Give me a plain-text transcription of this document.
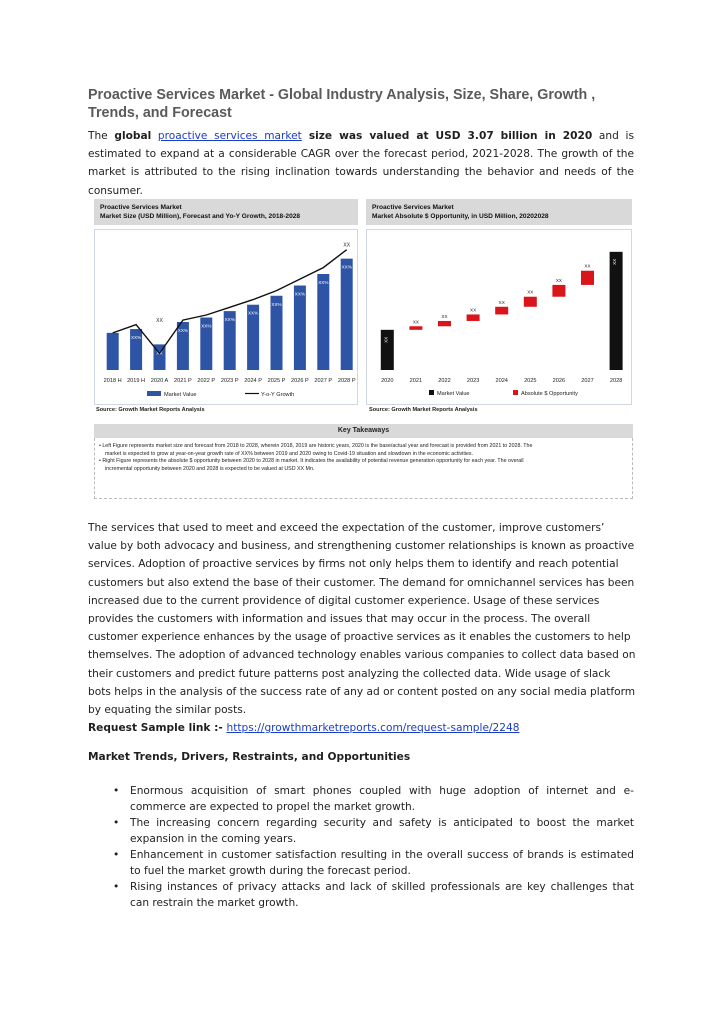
Proactive Services Market - Global Industry Analysis, Size, Share, Growth , Trends, and Forecast

The global proactive services market size was valued at USD 3.07 billion in 2020 and is estimated to expand at a considerable CAGR over the forecast period, 2021-2028. The growth of the market is attributed to the rising inclination towards understanding the behavior and needs of the consumer.

Proactive Services Market
Market Size (USD Million), Forecast and Yo-Y Growth, 2018-2028
2018 H 2019 H
XX%
2020 A
XX
2021 P
XX%
2022 P
XX%
2023 P
XX%
2024 P
XX%
2025 P
XX%
2026 P
XX%
2027 P
XX%
2028 P
XX%
XX
XX
Market Value	Y-o-Y Growth
Source: Growth Market Reports Analysis
Proactive Services Market
Market Absolute $ Opportunity, in USD Million, 20202028
2020
XX
2021
XX
2022
XX
2023
XX
2024
XX
2025
XX
2026
XX
2027
XX
2028
XX
Market Value	Absolute $ Opportunity
Source: Growth Market Reports Analysis
Key Takeaways
• Left Figure represents market size and forecast from 2018 to 2028, wherein 2018, 2019 are historic years, 2020 is the base/actual year and forecast is provided from 2021 to 2028. The
market is expected to grow at year-on-year growth rate of XX% between 2019 and 2020 owing to Covid-19 situation and slowdown in the economic activities.
• Right Figure represents the absolute $ opportunity between 2020 to 2028 in market. It indicates the availability of potential revenue generation opportunity for each year. The overall
incremental opportunity between 2020 and 2028 is expected to be valued at USD XX Mn.

The services that used to meet and exceed the expectation of the customer, improve customers’ value by both advocacy and business, and strengthening customer relationships is known as proactive services. Adoption of proactive services by firms not only helps them to identify and reach potential customers but also extend the base of their customer. The demand for omnichannel services has been increased due to the current providence of digital customer experience. Usage of these services provides the customers with information and issues that may occur in the process. The overall customer experience enhances by the usage of proactive services as it enables the customers to help themselves. The adoption of advanced technology enables various companies to collect data based on their customers and predict future patterns post analyzing the collected data. Wide usage of slack bots helps in the analysis of the success rate of any ad or content posted on any social media platform by equating the similar posts.

Request Sample link :- https://growthmarketreports.com/request-sample/2248

Market Trends, Drivers, Restraints, and Opportunities

• Enormous acquisition of smart phones coupled with huge adoption of internet and e-commerce are expected to propel the market growth.
• The increasing concern regarding security and safety is anticipated to boost the market expansion in the coming years.
• Enhancement in customer satisfaction resulting in the overall success of brands is estimated to fuel the market growth during the forecast period.
• Rising instances of privacy attacks and lack of skilled professionals are key challenges that can restrain the market growth.
